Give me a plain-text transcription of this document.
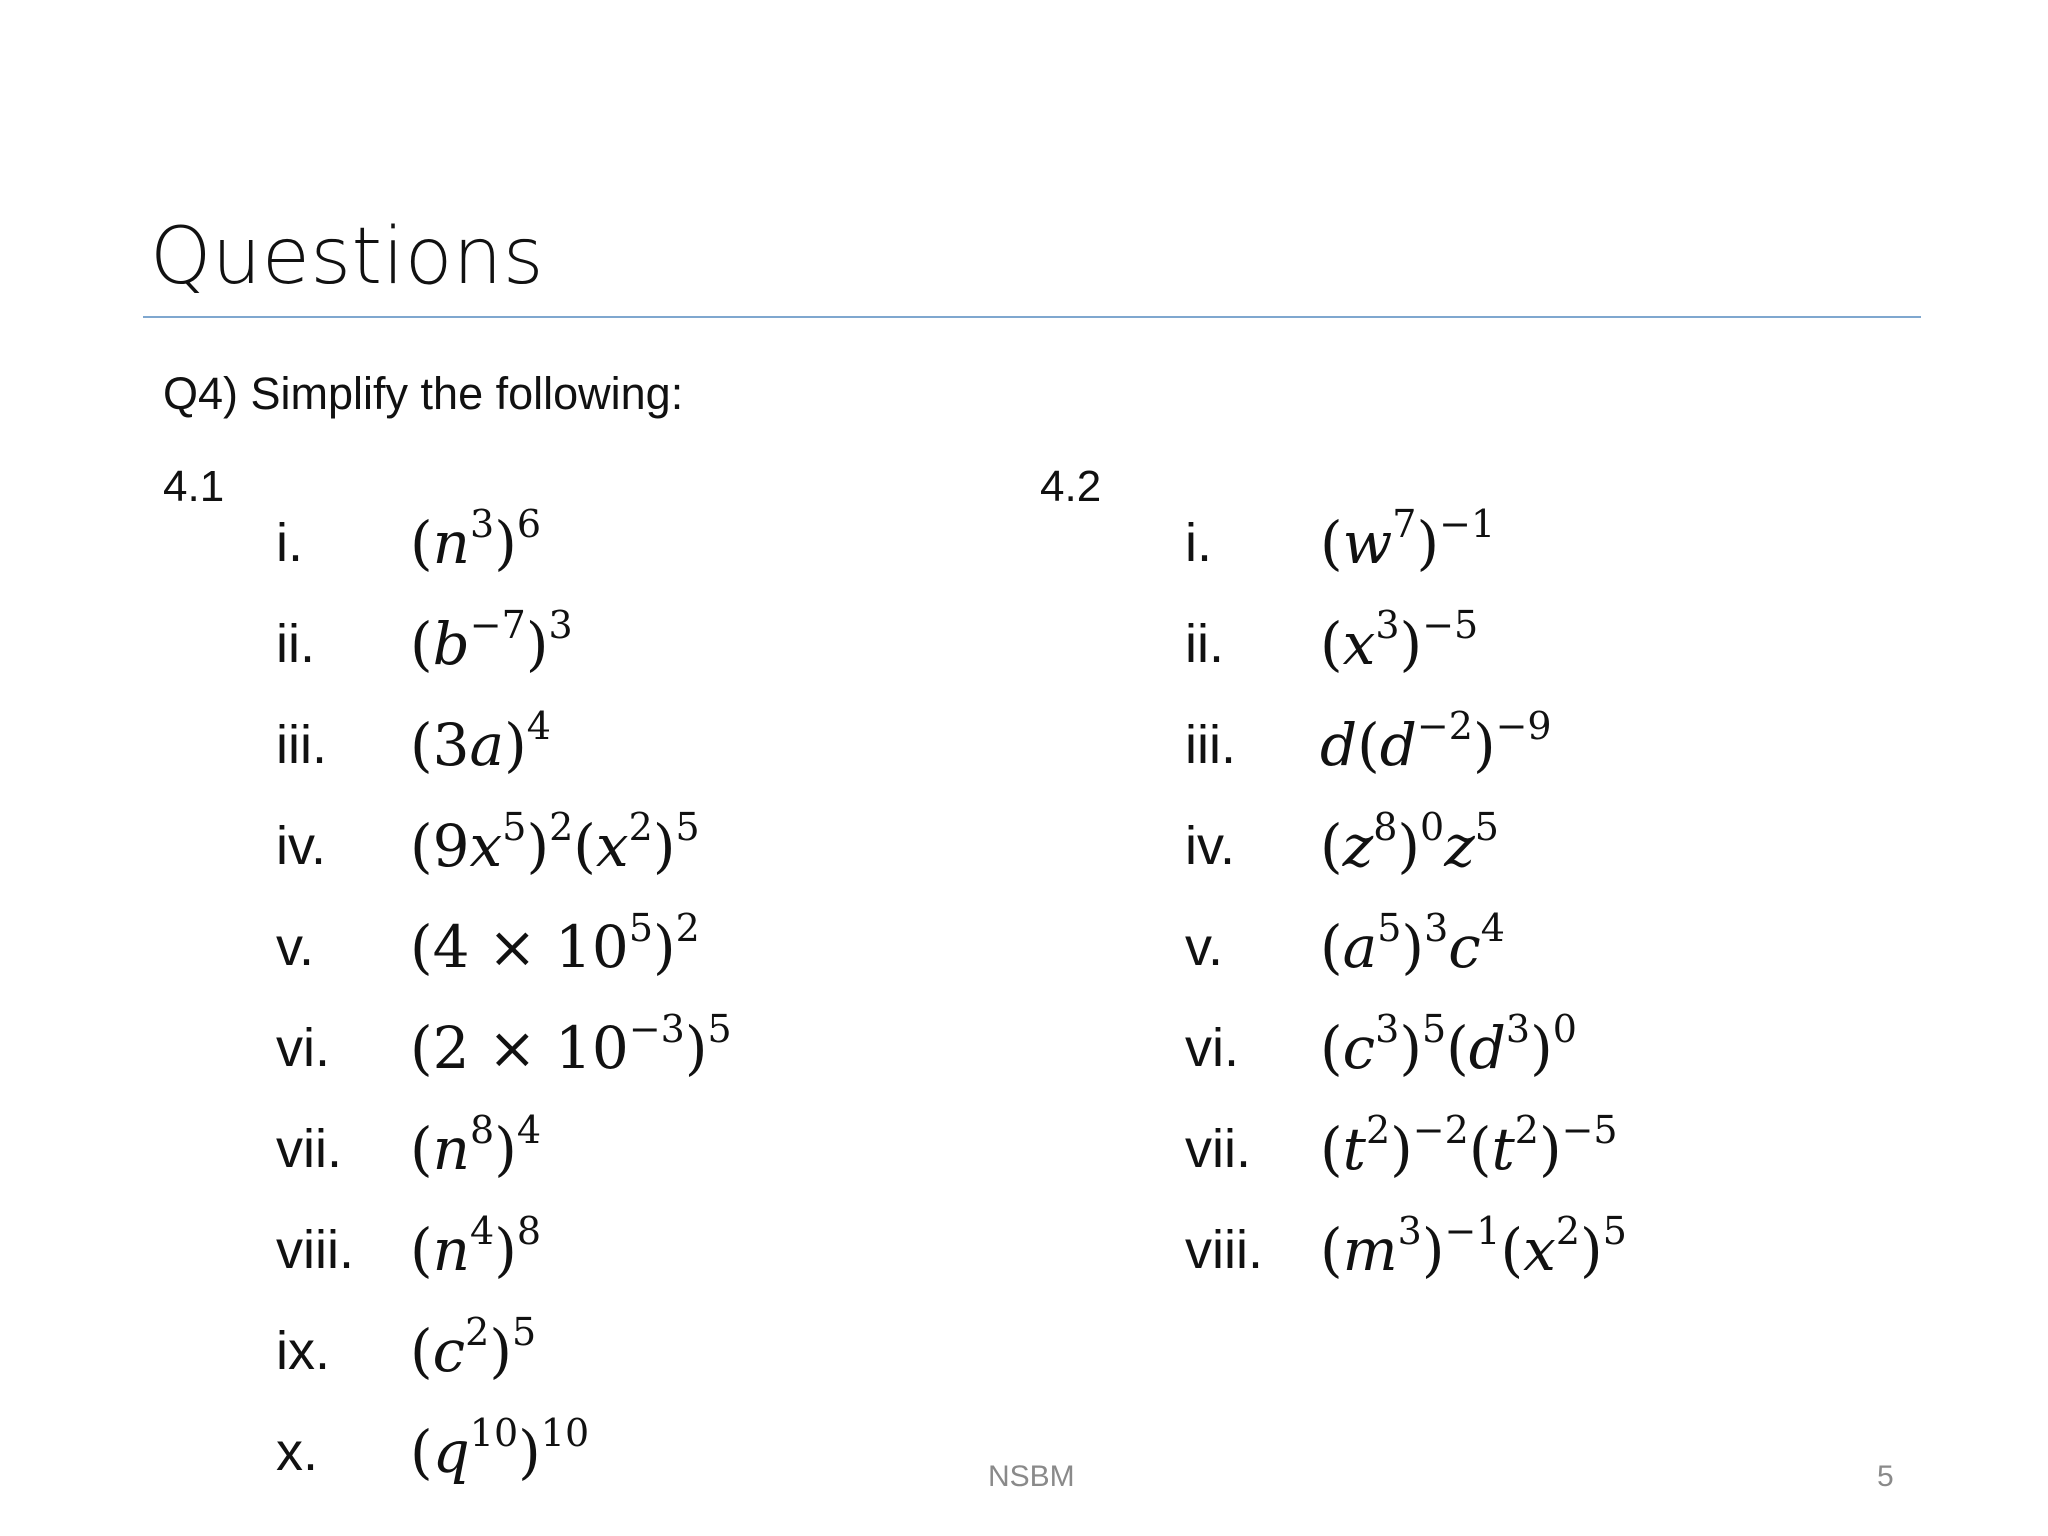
Questions
Q4) Simplify the following:
4.1	4.2
i. $(n^3)^6$
ii. $(b^{-7})^3$
iii. $(3a)^4$
iv. $(9x^5)^2(x^2)^5$
v. $(4 \times 10^5)^2$
vi. $(2 \times 10^{-3})^5$
vii. $(n^8)^4$
viii. $(n^4)^8$
ix. $(c^2)^5$
x. $(q^{10})^{10}$
i. $(w^7)^{-1}$
ii. $(x^3)^{-5}$
iii. $d(d^{-2})^{-9}$
iv. $(z^8)^0z^5$
v. $(a^5)^3c^4$
vi. $(c^3)^5(d^3)^0$
vii. $(t^2)^{-2}(t^2)^{-5}$
viii. $(m^3)^{-1}(x^2)^5$
NSBM	5
